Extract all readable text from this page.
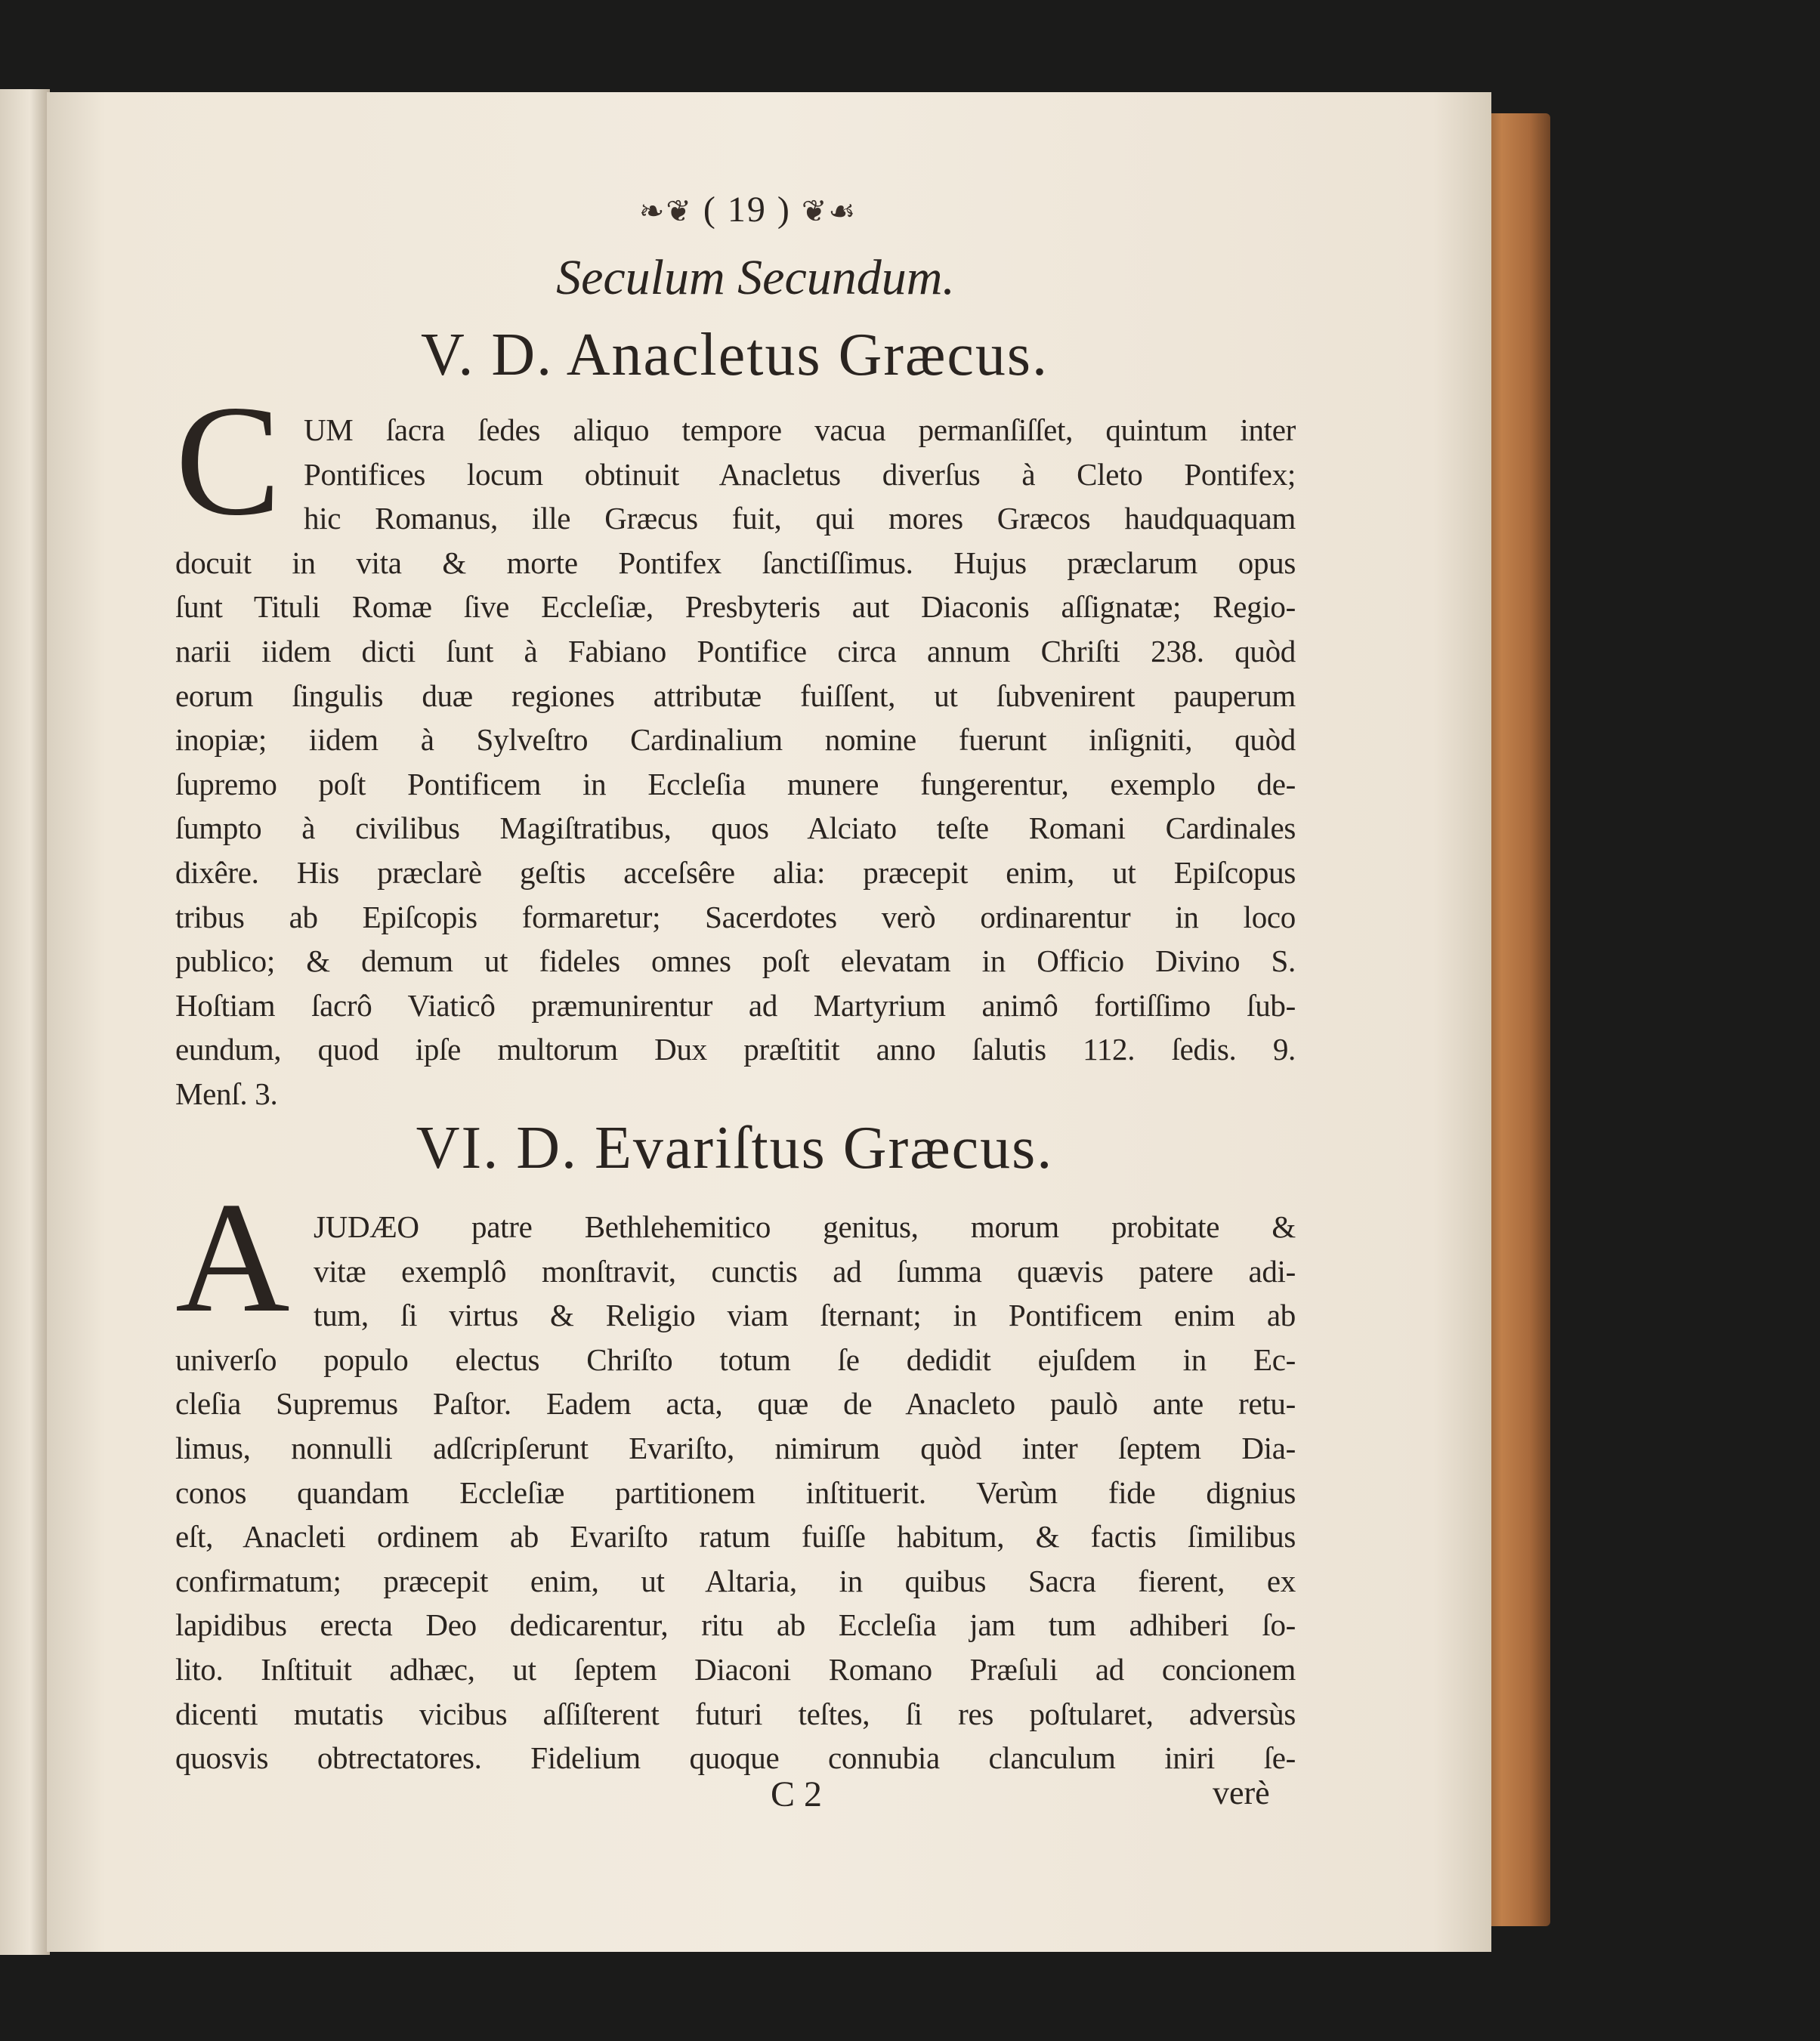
❧❦ ( 19 ) ❦☙
Seculum Secundum.
V. D. Anacletus Græcus.
C UM ſacra ſedes aliquo tempore vacua permanſiſſet, quintum inter
Pontifices locum obtinuit Anacletus diverſus à Cleto Pontifex;
hic Romanus, ille Græcus fuit, qui mores Græcos haudquaquam
docuit in vita & morte Pontifex ſanctiſſimus. Hujus præclarum opus
ſunt Tituli Romæ ſive Eccleſiæ, Presbyteris aut Diaconis aſſignatæ; Regio-
narii iidem dicti ſunt à Fabiano Pontifice circa annum Chriſti 238. quòd
eorum ſingulis duæ regiones attributæ fuiſſent, ut ſubvenirent pauperum
inopiæ; iidem à Sylveſtro Cardinalium nomine fuerunt inſigniti, quòd
ſupremo poſt Pontificem in Eccleſia munere fungerentur, exemplo de-
ſumpto à civilibus Magiſtratibus, quos Alciato teſte Romani Cardinales
dixêre. His præclarè geſtis acceſsêre alia: præcepit enim, ut Epiſcopus
tribus ab Epiſcopis formaretur; Sacerdotes verò ordinarentur in loco
publico; & demum ut fideles omnes poſt elevatam in Officio Divino S.
Hoſtiam ſacrô Viaticô præmunirentur ad Martyrium animô fortiſſimo ſub-
eundum, quod ipſe multorum Dux præſtitit anno ſalutis 112. ſedis. 9.
Menſ. 3.
VI. D. Evariſtus Græcus.
A JUDÆO patre Bethlehemitico genitus, morum probitate &
vitæ exemplô monſtravit, cunctis ad ſumma quævis patere adi-
tum, ſi virtus & Religio viam ſternant; in Pontificem enim ab
univerſo populo electus Chriſto totum ſe dedidit ejuſdem in Ec-
cleſia Supremus Paſtor. Eadem acta, quæ de Anacleto paulò ante retu-
limus, nonnulli adſcripſerunt Evariſto, nimirum quòd inter ſeptem Dia-
conos quandam Eccleſiæ partitionem inſtituerit. Verùm fide dignius
eſt, Anacleti ordinem ab Evariſto ratum fuiſſe habitum, & factis ſimilibus
confirmatum; præcepit enim, ut Altaria, in quibus Sacra fierent, ex
lapidibus erecta Deo dedicarentur, ritu ab Eccleſia jam tum adhiberi ſo-
lito. Inſtituit adhæc, ut ſeptem Diaconi Romano Præſuli ad concionem
dicenti mutatis vicibus aſſiſterent futuri teſtes, ſi res poſtularet, adversùs
quosvis obtrectatores. Fidelium quoque connubia clanculum iniri ſe-
C 2	verè
